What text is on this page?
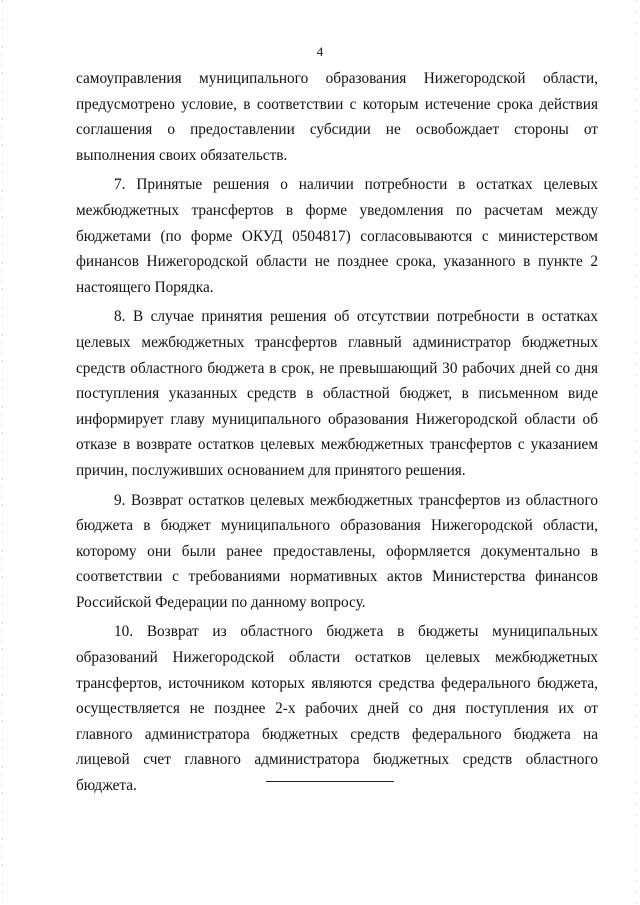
4

самоуправления муниципального образования Нижегородской области, предусмотрено условие, в соответствии с которым истечение срока действия соглашения о предоставлении субсидии не освобождает стороны от выполнения своих обязательств.

7. Принятые решения о наличии потребности в остатках целевых межбюджетных трансфертов в форме уведомления по расчетам между бюджетами (по форме ОКУД 0504817) согласовываются с министерством финансов Нижегородской области не позднее срока, указанного в пункте 2 настоящего Порядка.

8. В случае принятия решения об отсутствии потребности в остатках целевых межбюджетных трансфертов главный администратор бюджетных средств областного бюджета в срок, не превышающий 30 рабочих дней со дня поступления указанных средств в областной бюджет, в письменном виде информирует главу муниципального образования Нижегородской области об отказе в возврате остатков целевых межбюджетных трансфертов с указанием причин, послуживших основанием для принятого решения.

9. Возврат остатков целевых межбюджетных трансфертов из областного бюджета в бюджет муниципального образования Нижегородской области, которому они были ранее предоставлены, оформляется документально в соответствии с требованиями нормативных актов Министерства финансов Российской Федерации по данному вопросу.

10. Возврат из областного бюджета в бюджеты муниципальных образований Нижегородской области остатков целевых межбюджетных трансфертов, источником которых являются средства федерального бюджета, осуществляется не позднее 2-х рабочих дней со дня поступления их от главного администратора бюджетных средств федерального бюджета на лицевой счет главного администратора бюджетных средств областного бюджета.
